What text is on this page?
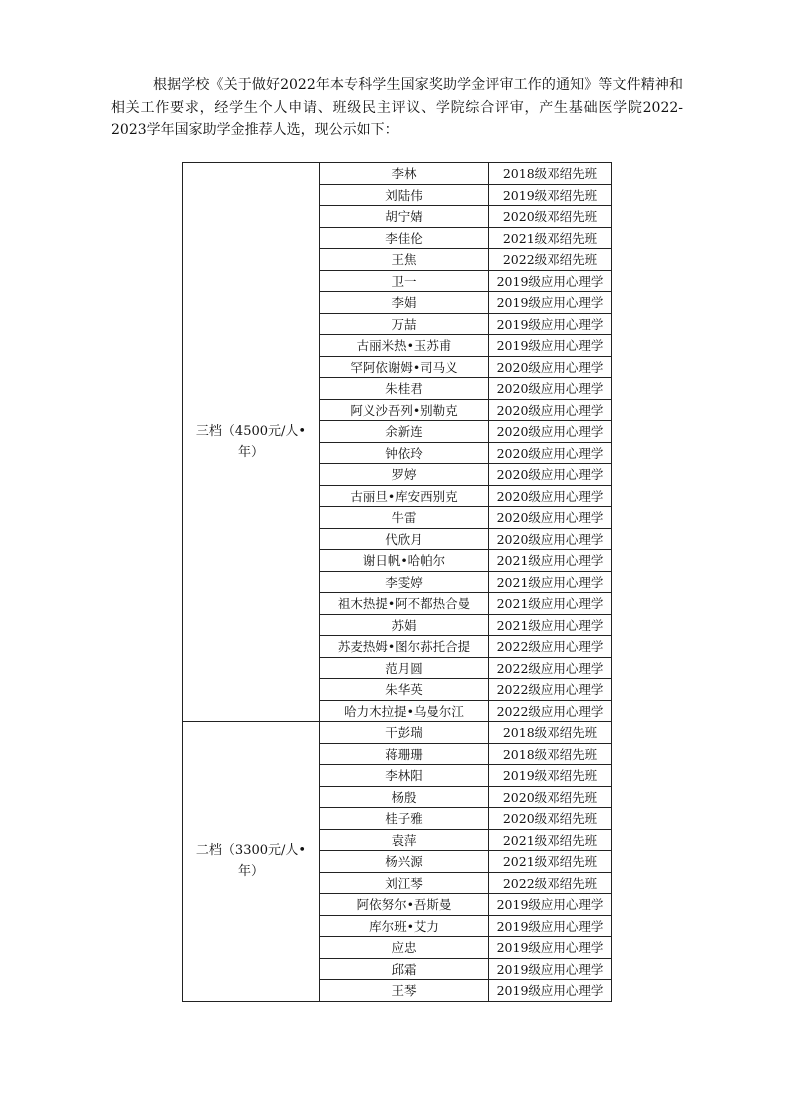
根据学校《关于做好2022年本专科学生国家奖助学金评审工作的通知》等文件精神和相关工作要求，经学生个人申请、班级民主评议、学院综合评审，产生基础医学院2022-2023学年国家助学金推荐人选，现公示如下：

三档（4500元/人•年）	李林	2018级邓绍先班
	刘陆伟	2019级邓绍先班
	胡宁婧	2020级邓绍先班
	李佳伦	2021级邓绍先班
	王焦	2022级邓绍先班
	卫一	2019级应用心理学
	李娟	2019级应用心理学
	万喆	2019级应用心理学
	古丽米热•玉苏甫	2019级应用心理学
	罕阿依谢姆•司马义	2020级应用心理学
	朱桂君	2020级应用心理学
	阿义沙吾列•别勒克	2020级应用心理学
	余新连	2020级应用心理学
	钟依玲	2020级应用心理学
	罗婷	2020级应用心理学
	古丽旦•库安西别克	2020级应用心理学
	牛雷	2020级应用心理学
	代欣月	2020级应用心理学
	谢日帆•哈帕尔	2021级应用心理学
	李雯婷	2021级应用心理学
	祖木热提•阿不都热合曼	2021级应用心理学
	苏娟	2021级应用心理学
	苏麦热姆•图尔荪托合提	2022级应用心理学
	范月圆	2022级应用心理学
	朱华英	2022级应用心理学
	哈力木拉提•乌曼尔江	2022级应用心理学
二档（3300元/人•年）	干彭瑞	2018级邓绍先班
	蒋珊珊	2018级邓绍先班
	李林阳	2019级邓绍先班
	杨殷	2020级邓绍先班
	桂子雅	2020级邓绍先班
	袁萍	2021级邓绍先班
	杨兴源	2021级邓绍先班
	刘江琴	2022级邓绍先班
	阿依努尔•吾斯曼	2019级应用心理学
	库尔班•艾力	2019级应用心理学
	应忠	2019级应用心理学
	邱霜	2019级应用心理学
	王琴	2019级应用心理学
